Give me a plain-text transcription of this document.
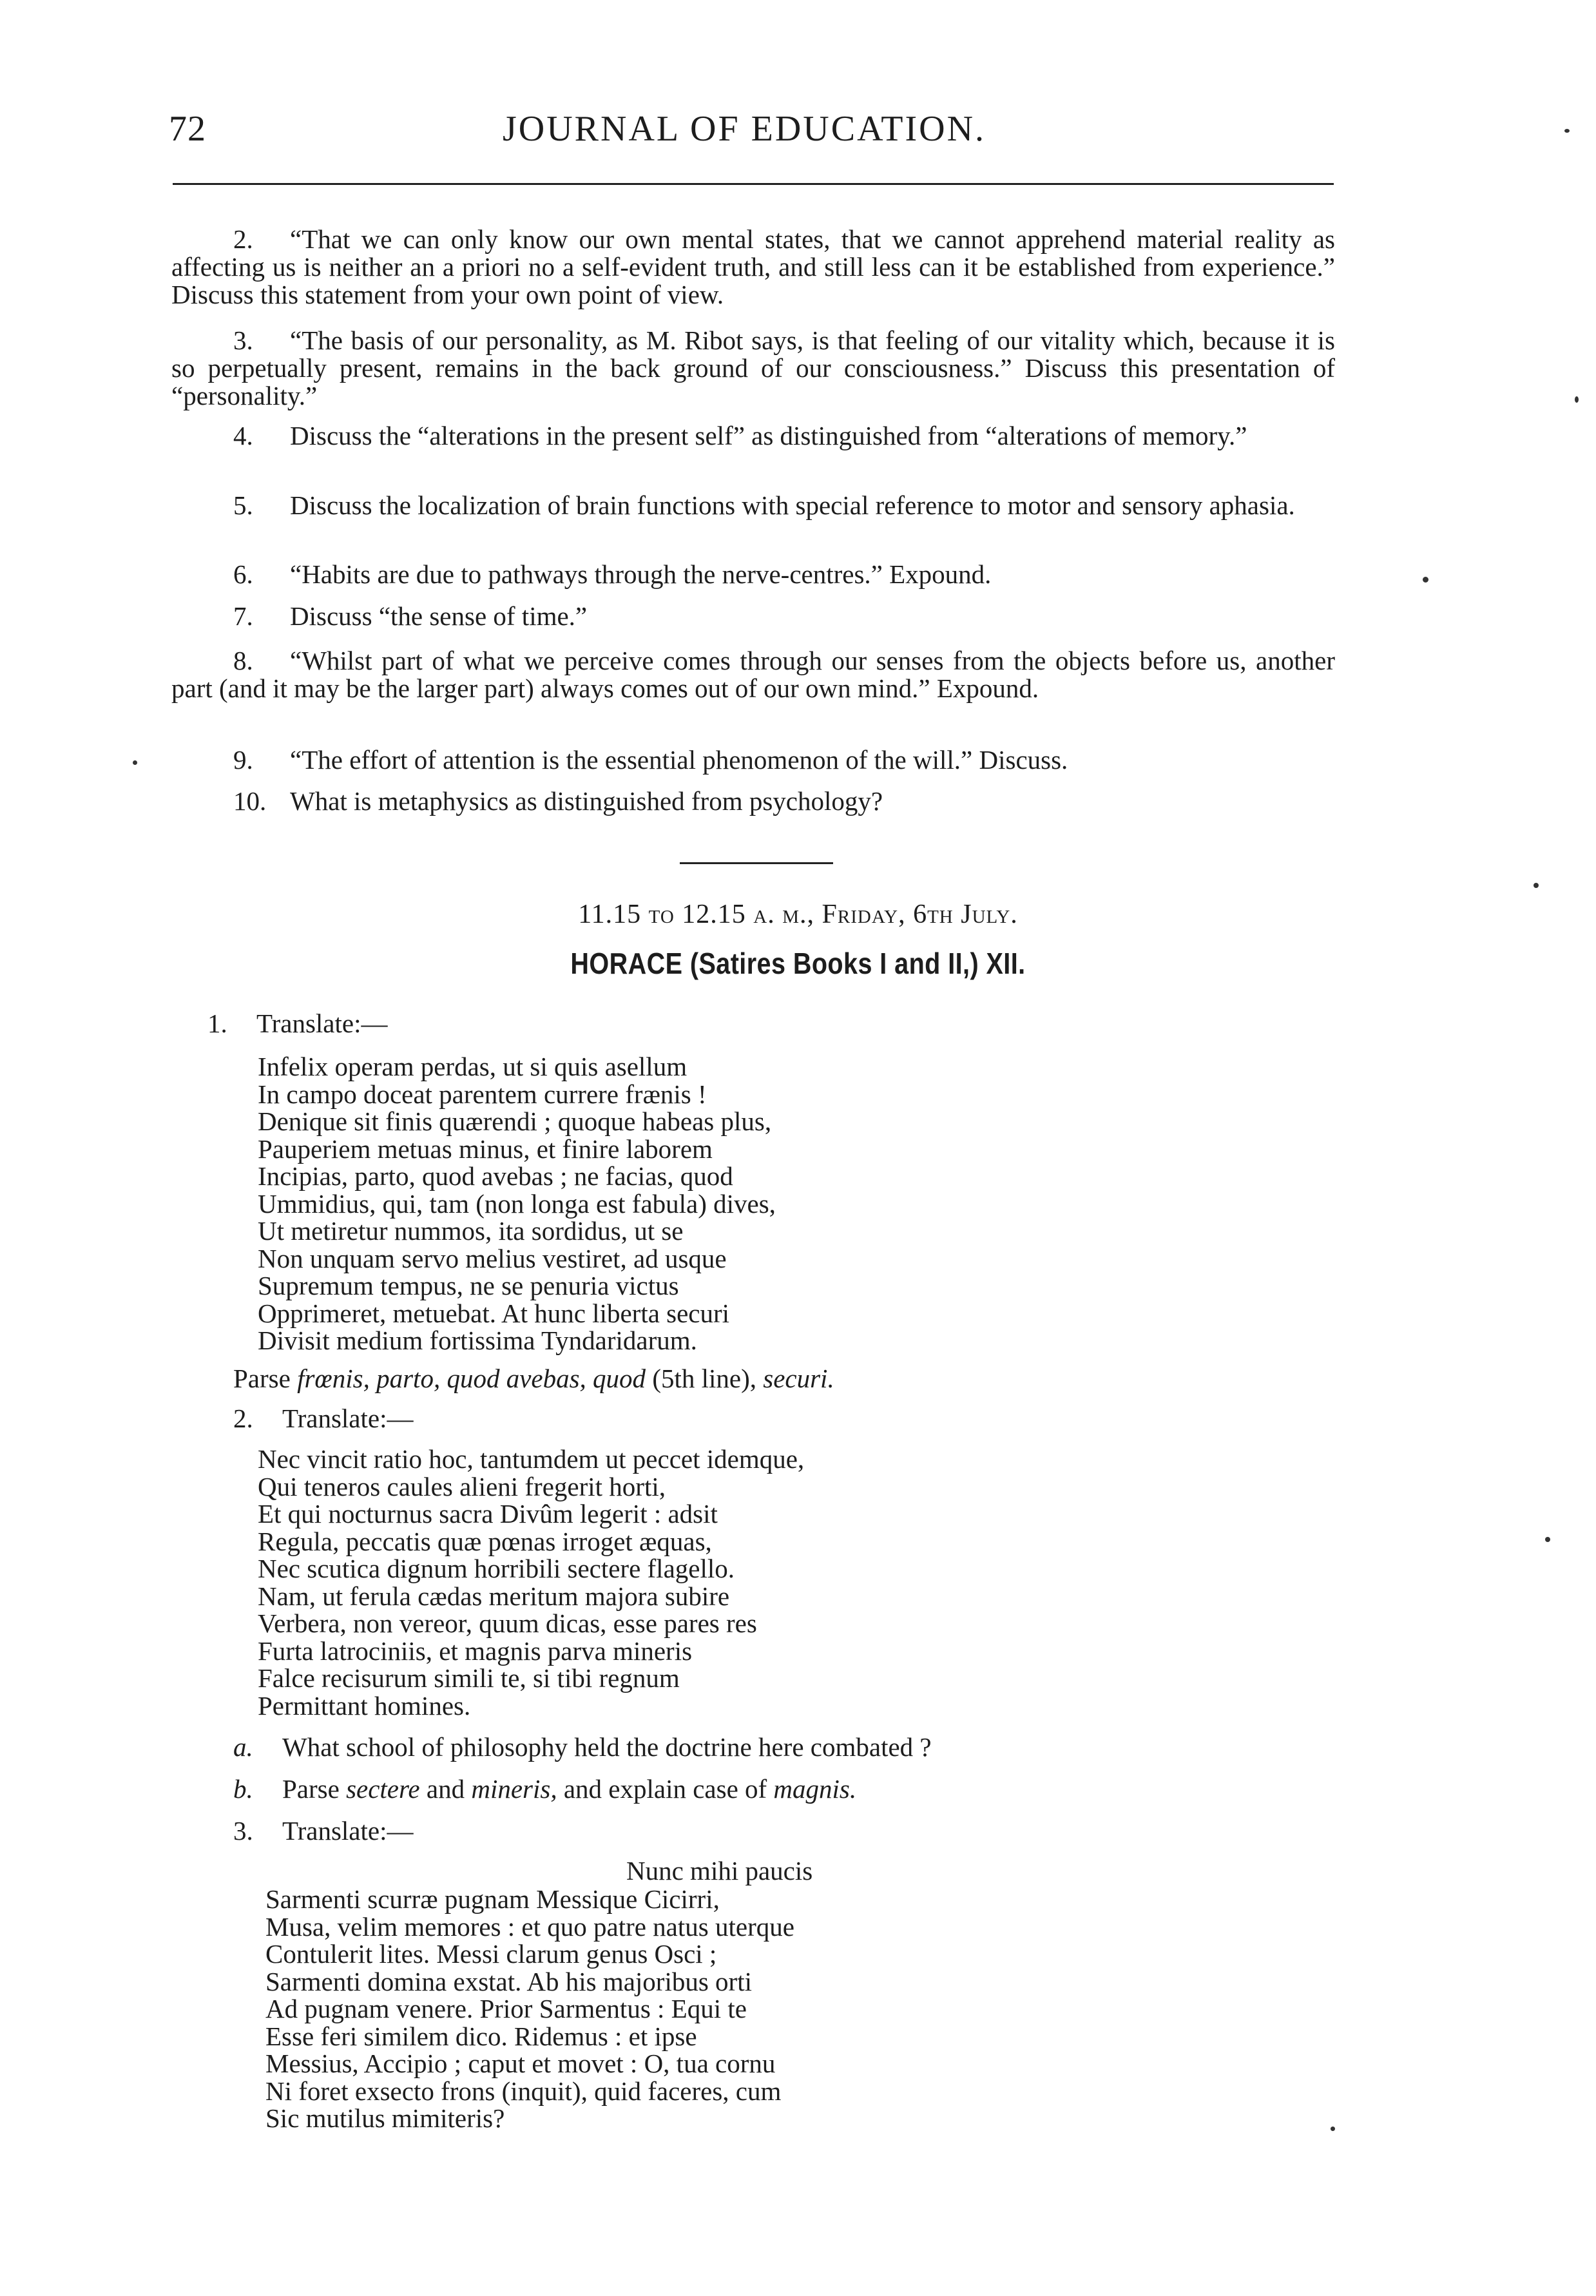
72	JOURNAL OF EDUCATION.
2. “That we can only know our own mental states, that we cannot apprehend material reality as affecting us is neither an a priori no a self-evident truth, and still less can it be established from experience.” Discuss this statement from your own point of view.
3. “The basis of our personality, as M. Ribot says, is that feeling of our vitality which, because it is so perpetually present, remains in the back ground of our consciousness.” Discuss this presentation of “personality.”
4. Discuss the “alterations in the present self” as distinguished from “alterations of memory.”
5. Discuss the localization of brain functions with special reference to motor and sensory aphasia.
6. “Habits are due to pathways through the nerve-centres.” Expound.
7. Discuss “the sense of time.”
8. “Whilst part of what we perceive comes through our senses from the objects before us, another part (and it may be the larger part) always comes out of our own mind.” Expound.
9. “The effort of attention is the essential phenomenon of the will.” Discuss.
10. What is metaphysics as distinguished from psychology?
11.15 to 12.15 a. m., Friday, 6th July.
HORACE (Satires Books I and II,) XII.
1. Translate:—
Infelix operam perdas, ut si quis asellum
In campo doceat parentem currere frænis !
Denique sit finis quærendi ; quoque habeas plus,
Pauperiem metuas minus, et finire laborem
Incipias, parto, quod avebas ; ne facias, quod
Ummidius, qui, tam (non longa est fabula) dives,
Ut metiretur nummos, ita sordidus, ut se
Non unquam servo melius vestiret, ad usque
Supremum tempus, ne se penuria victus
Opprimeret, metuebat. At hunc liberta securi
Divisit medium fortissima Tyndaridarum.
Parse frœnis, parto, quod avebas, quod (5th line), securi.
2. Translate:—
Nec vincit ratio hoc, tantumdem ut peccet idemque,
Qui teneros caules alieni fregerit horti,
Et qui nocturnus sacra Divûm legerit : adsit
Regula, peccatis quæ pœnas irroget æquas,
Nec scutica dignum horribili sectere flagello.
Nam, ut ferula cædas meritum majora subire
Verbera, non vereor, quum dicas, esse pares res
Furta latrociniis, et magnis parva mineris
Falce recisurum simili te, si tibi regnum
Permittant homines.
a. What school of philosophy held the doctrine here combated ?
b. Parse sectere and mineris, and explain case of magnis.
3. Translate:—
Nunc mihi paucis
Sarmenti scurræ pugnam Messique Cicirri,
Musa, velim memores : et quo patre natus uterque
Contulerit lites. Messi clarum genus Osci ;
Sarmenti domina exstat. Ab his majoribus orti
Ad pugnam venere. Prior Sarmentus : Equi te
Esse feri similem dico. Ridemus : et ipse
Messius, Accipio ; caput et movet : O, tua cornu
Ni foret exsecto frons (inquit), quid faceres, cum
Sic mutilus mimiteris?
